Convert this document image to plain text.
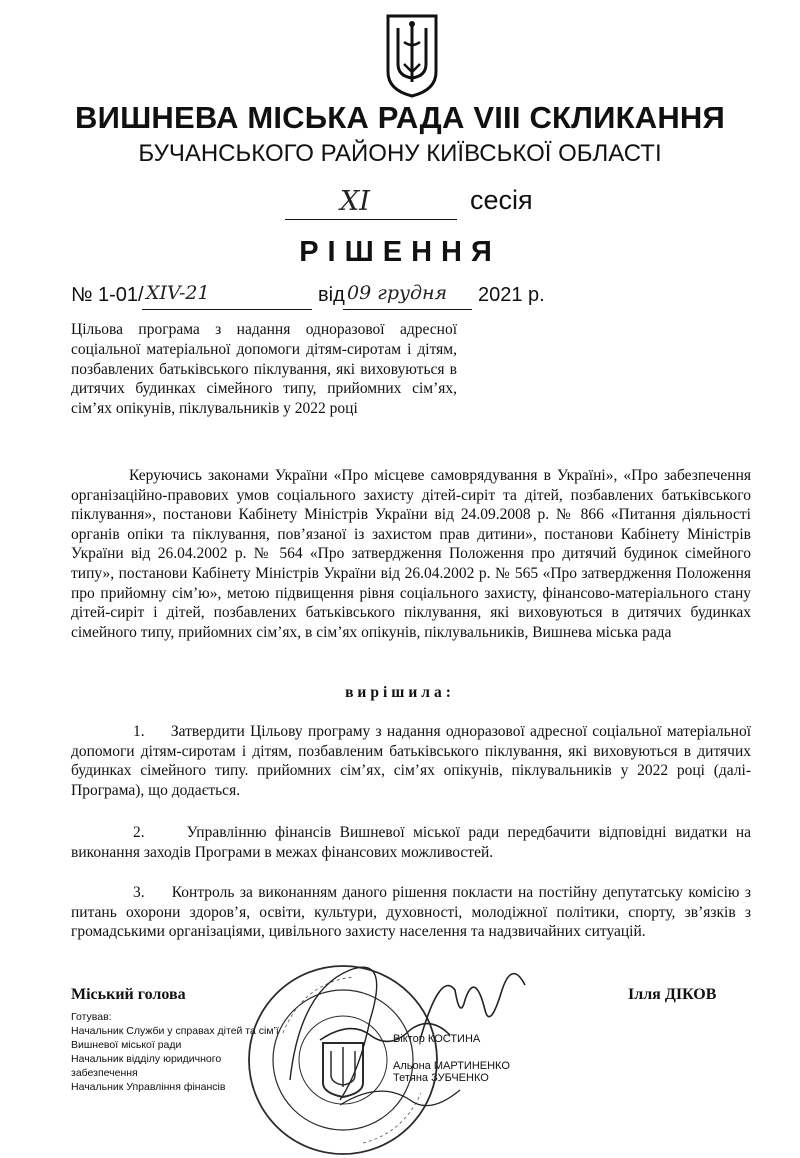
ВИШНЕВА МІСЬКА РАДА VIII СКЛИКАННЯ
БУЧАНСЬКОГО РАЙОНУ КИЇВСЬКОЇ ОБЛАСТІ
XI	сесія
РІШЕННЯ
№ 1-01/ XIV-21	від 09 грудня 2021 р.
Цільова програма з надання одноразової адресної соціальної матеріальної допомоги дітям-сиротам і дітям, позбавлених батьківського піклування, які виховуються в дитячих будинках сімейного типу, прийомних сім’ях, сім’ях опікунів, піклувальників у 2022 році
Керуючись законами України «Про місцеве самоврядування в Україні», «Про забезпечення організаційно-правових умов соціального захисту дітей-сиріт та дітей, позбавлених батьківського піклування», постанови Кабінету Міністрів України від 24.09.2008 р. № 866 «Питання діяльності органів опіки та піклування, пов’язаної із захистом прав дитини», постанови Кабінету Міністрів України від 26.04.2002 р. № 564 «Про затвердження Положення про дитячий будинок сімейного типу», постанови Кабінету Міністрів України від 26.04.2002 р. № 565 «Про затвердження Положення про прийомну сім’ю», метою підвищення рівня соціального захисту, фінансово-матеріального стану дітей-сиріт і дітей, позбавлених батьківського піклування, які виховуються в дитячих будинках сімейного типу, прийомних сім’ях, в сім’ях опікунів, піклувальників, Вишнева міська рада
вирішила:
1.     Затвердити Цільову програму з надання одноразової адресної соціальної матеріальної допомоги дітям-сиротам і дітям, позбавленим батьківського піклування, які виховуються в дитячих будинках сімейного типу. прийомних сім’ях, сім’ях опікунів, піклувальників у 2022 році (далі-Програма), що додається.
2.     Управлінню фінансів Вишневої міської ради передбачити відповідні видатки на виконання заходів Програми в межах фінансових можливостей.
3.     Контроль за виконанням даного рішення покласти на постійну депутатську комісію з питань охорони здоров’я, освіти, культури, духовності, молодіжної політики, спорту, зв’язків з громадськими організаціями, цивільного захисту населення та надзвичайних ситуацій.
Міський голова	Ілля ДІКОВ
Готував:
Начальник Служби у справах дітей та сім’ї
Вишневої міської ради
Начальник відділу юридичного
забезпечення
Начальник Управління фінансів
Віктор КОСТИНА
Альона МАРТИНЕНКО
Тетяна ЗУБЧЕНКО
